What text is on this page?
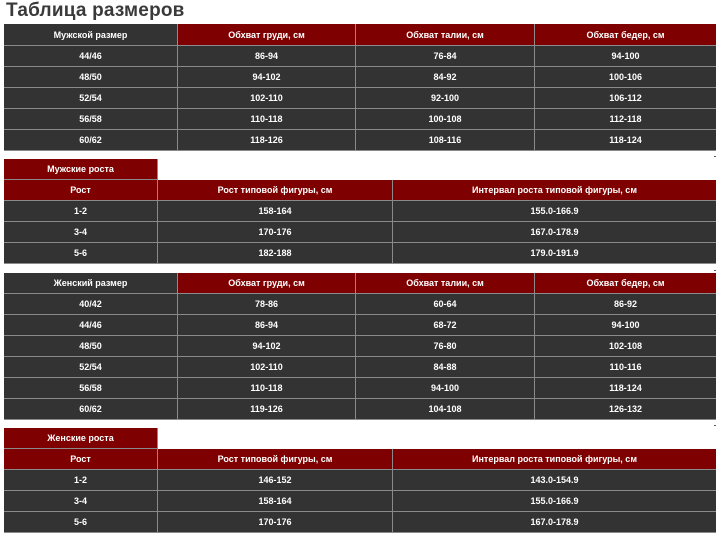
Таблица размеров
Мужской размер	Обхват груди, см	Обхват талии, см	Обхват бедер, см
44/46	86-94	76-84	94-100
48/50	94-102	84-92	100-106
52/54	102-110	92-100	106-112
56/58	110-118	100-108	112-118
60/62	118-126	108-116	118-124
Мужские роста		
Рост	Рост типовой фигуры, см	Интервал роста типовой фигуры, см
1-2	158-164	155.0-166.9
3-4	170-176	167.0-178.9
5-6	182-188	179.0-191.9
Женский размер	Обхват груди, см	Обхват талии, см	Обхват бедер, см
40/42	78-86	60-64	86-92
44/46	86-94	68-72	94-100
48/50	94-102	76-80	102-108
52/54	102-110	84-88	110-116
56/58	110-118	94-100	118-124
60/62	119-126	104-108	126-132
Женские роста		
Рост	Рост типовой фигуры, см	Интервал роста типовой фигуры, см
1-2	146-152	143.0-154.9
3-4	158-164	155.0-166.9
5-6	170-176	167.0-178.9
